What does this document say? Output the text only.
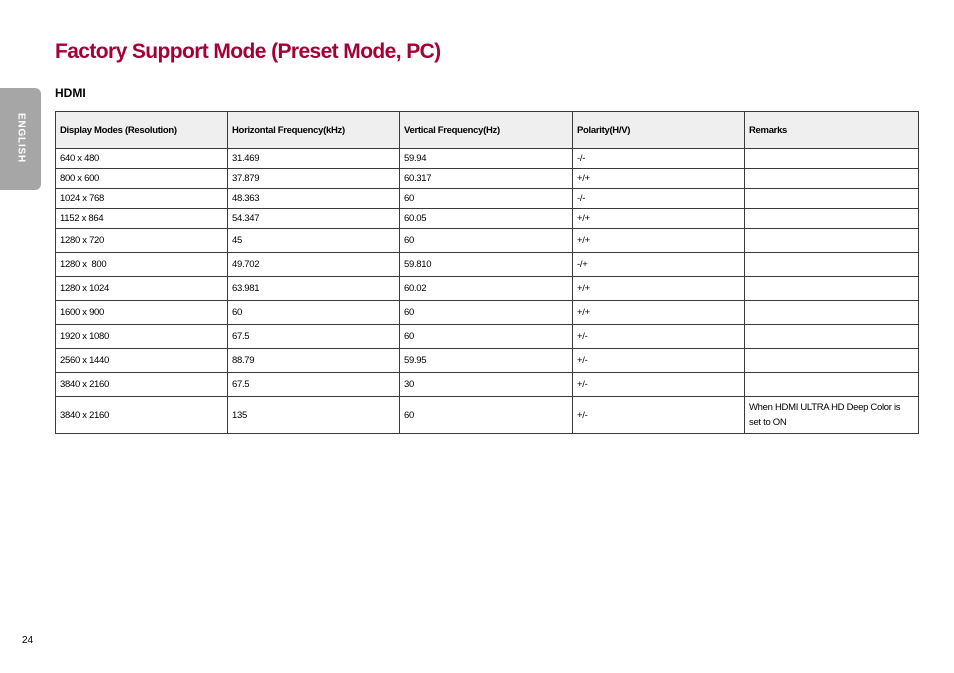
ENGLISH
Factory Support Mode (Preset Mode, PC)
HDMI
Display Modes (Resolution)	Horizontal Frequency(kHz)	Vertical Frequency(Hz)	Polarity(H/V)	Remarks
640 x 480	31.469	59.94	-/-	
800 x 600	37.879	60.317	+/+	
1024 x 768	48.363	60	-/-	
1152 x 864	54.347	60.05	+/+	
1280 x 720	45	60	+/+	
1280 x  800	49.702	59.810	-/+	
1280 x 1024	63.981	60.02	+/+	
1600 x 900	60	60	+/+	
1920 x 1080	67.5	60	+/-	
2560 x 1440	88.79	59.95	+/-	
3840 x 2160	67.5	30	+/-	
3840 x 2160	135	60	+/-	When HDMI ULTRA HD Deep Color is set to ON
24
